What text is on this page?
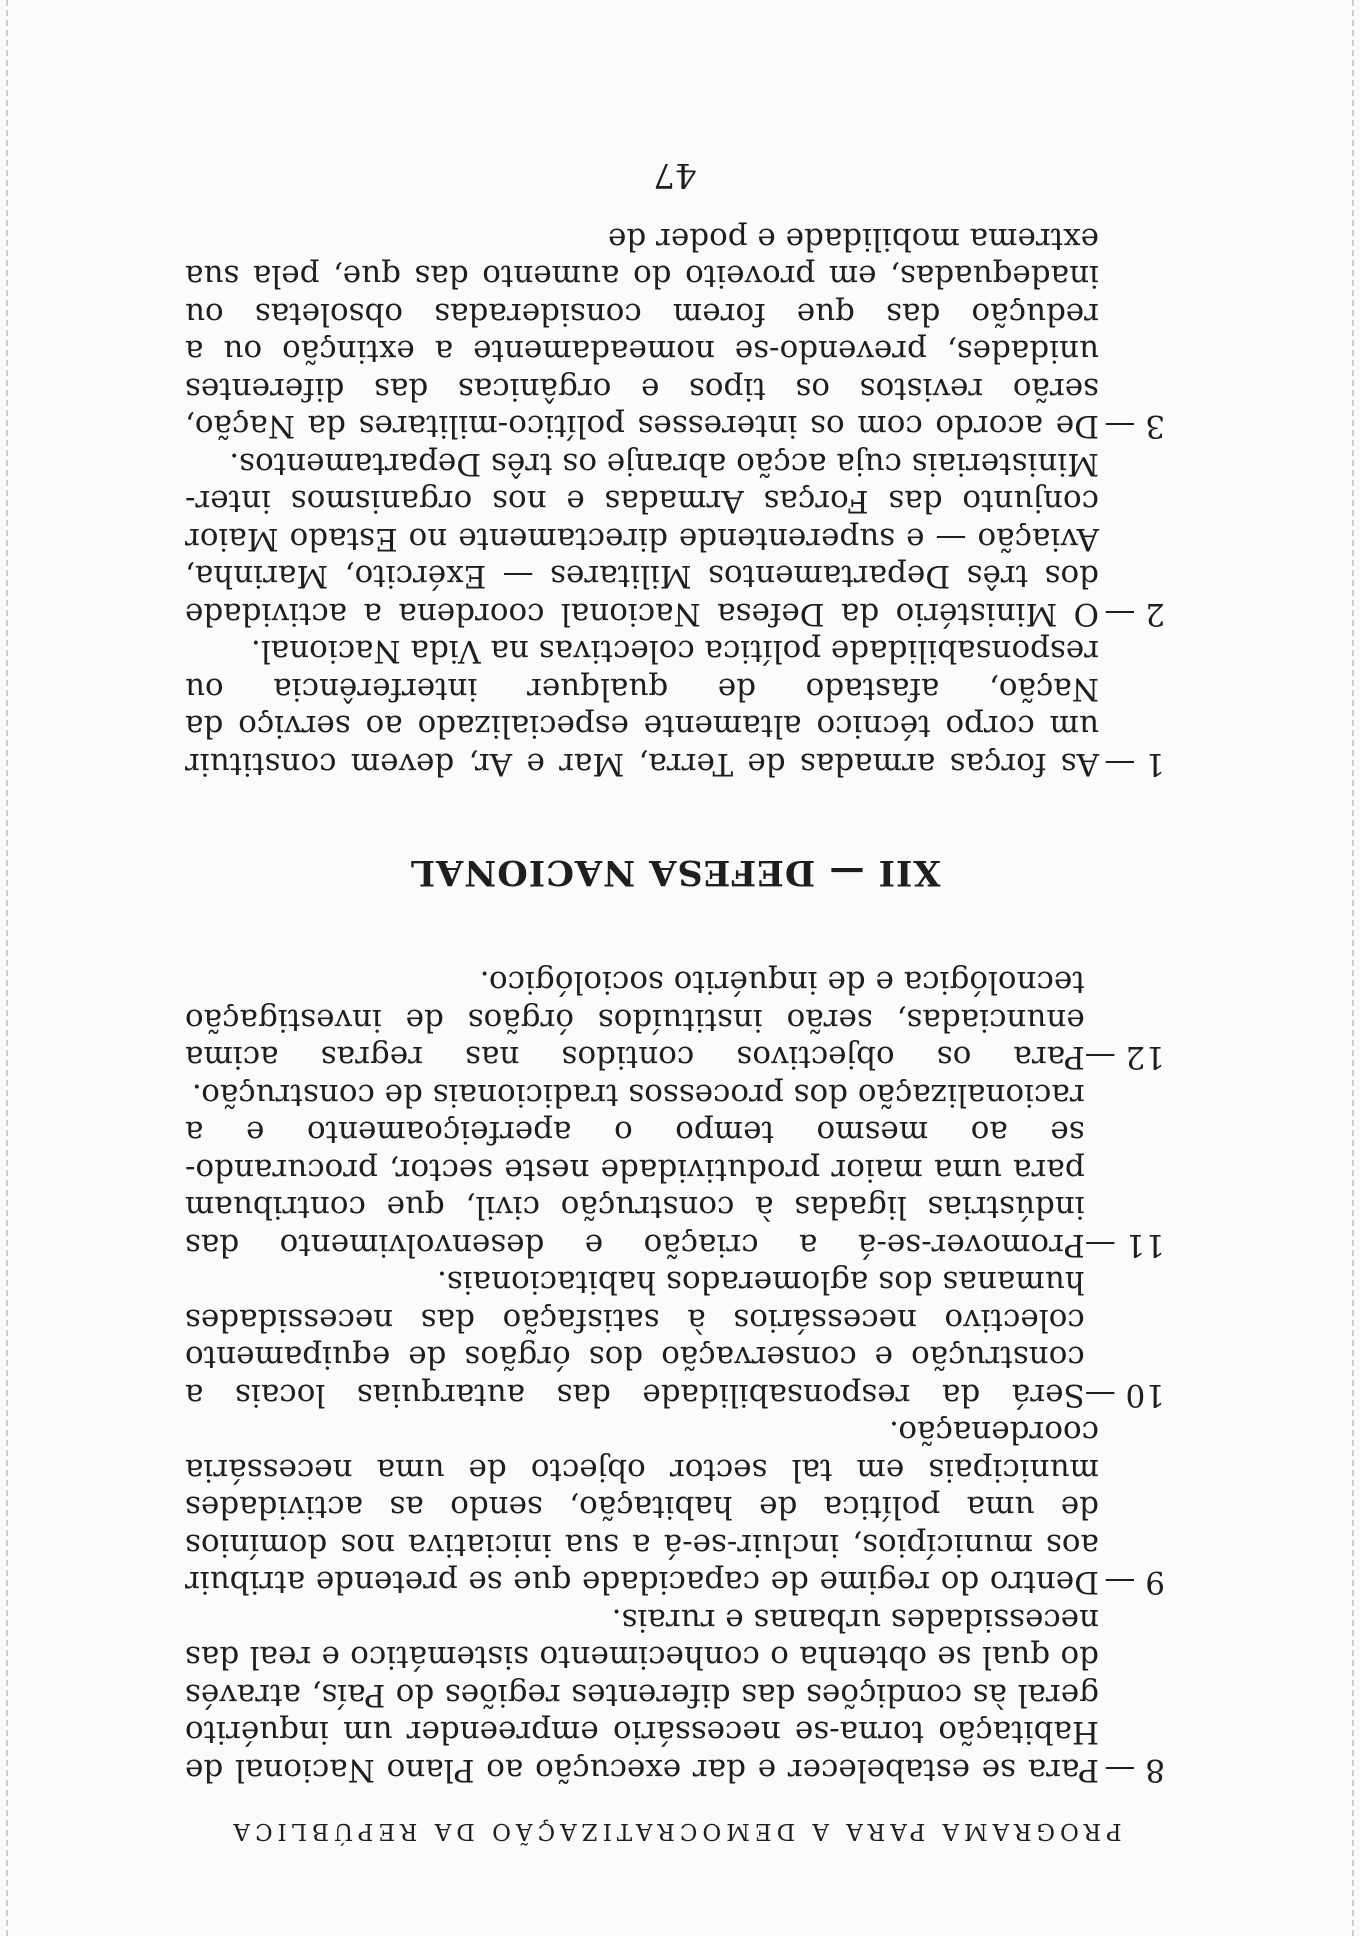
PROGRAMA PARA A DEMOCRATIZAÇÃO DA REPÚBLICA
8 —
Para se estabelecer e dar execução ao Plano Nacional de Habitação torna-se necessário empreender um inquérito geral às condições das diferentes regiões do País, através do qual se obtenha o conhecimento sistemático e real das necessidades urbanas e rurais.
9 —
Dentro do regime de capacidade que se pretende atribuir aos municípios, incluir-se-á a sua iniciativa nos domínios de uma política de habitação, sendo as actividades municipais em tal sector objecto de uma necessária coordenação.
10 —
Será da responsabilidade das autarquias locais a construção e conservação dos órgãos de equipamento colectivo necessários à satisfação das necessidades humanas dos aglomerados habitacionais.
11 —
Promover-se-á a criação e desenvolvimento das indústrias ligadas à construção civil, que contribuam para uma maior produtividade neste sector, procurando-se ao mesmo tempo o aperfeiçoamento e a racionalização dos processos tradicionais de construção.
12 —
Para os objectivos contidos nas regras acima enunciadas, serão instituídos órgãos de investigação tecnológica e de inquérito sociológico.
XII — DEFESA NACIONAL
1 —
As forças armadas de Terra, Mar e Ar, devem constituir um corpo técnico altamente especializado ao serviço da Nação, afastado de qualquer interferência ou responsabilidade política colectivas na Vida Nacional.
2 —
O Ministério da Defesa Nacional coordena a actividade dos três Departamentos Militares — Exército, Marinha, Aviação — e superentende directamente no Estado Maior conjunto das Forças Armadas e nos organismos inter-Ministeriais cuja acção abranje os três Departamentos.
3 —
De acordo com os interesses político-militares da Nação, serão revistos os tipos e orgânicas das diferentes unidades, prevendo-se nomeadamente a extinção ou a redução das que forem consideradas obsoletas ou inadequadas, em proveito do aumento das que, pela sua extrema mobilidade e poder de
47
